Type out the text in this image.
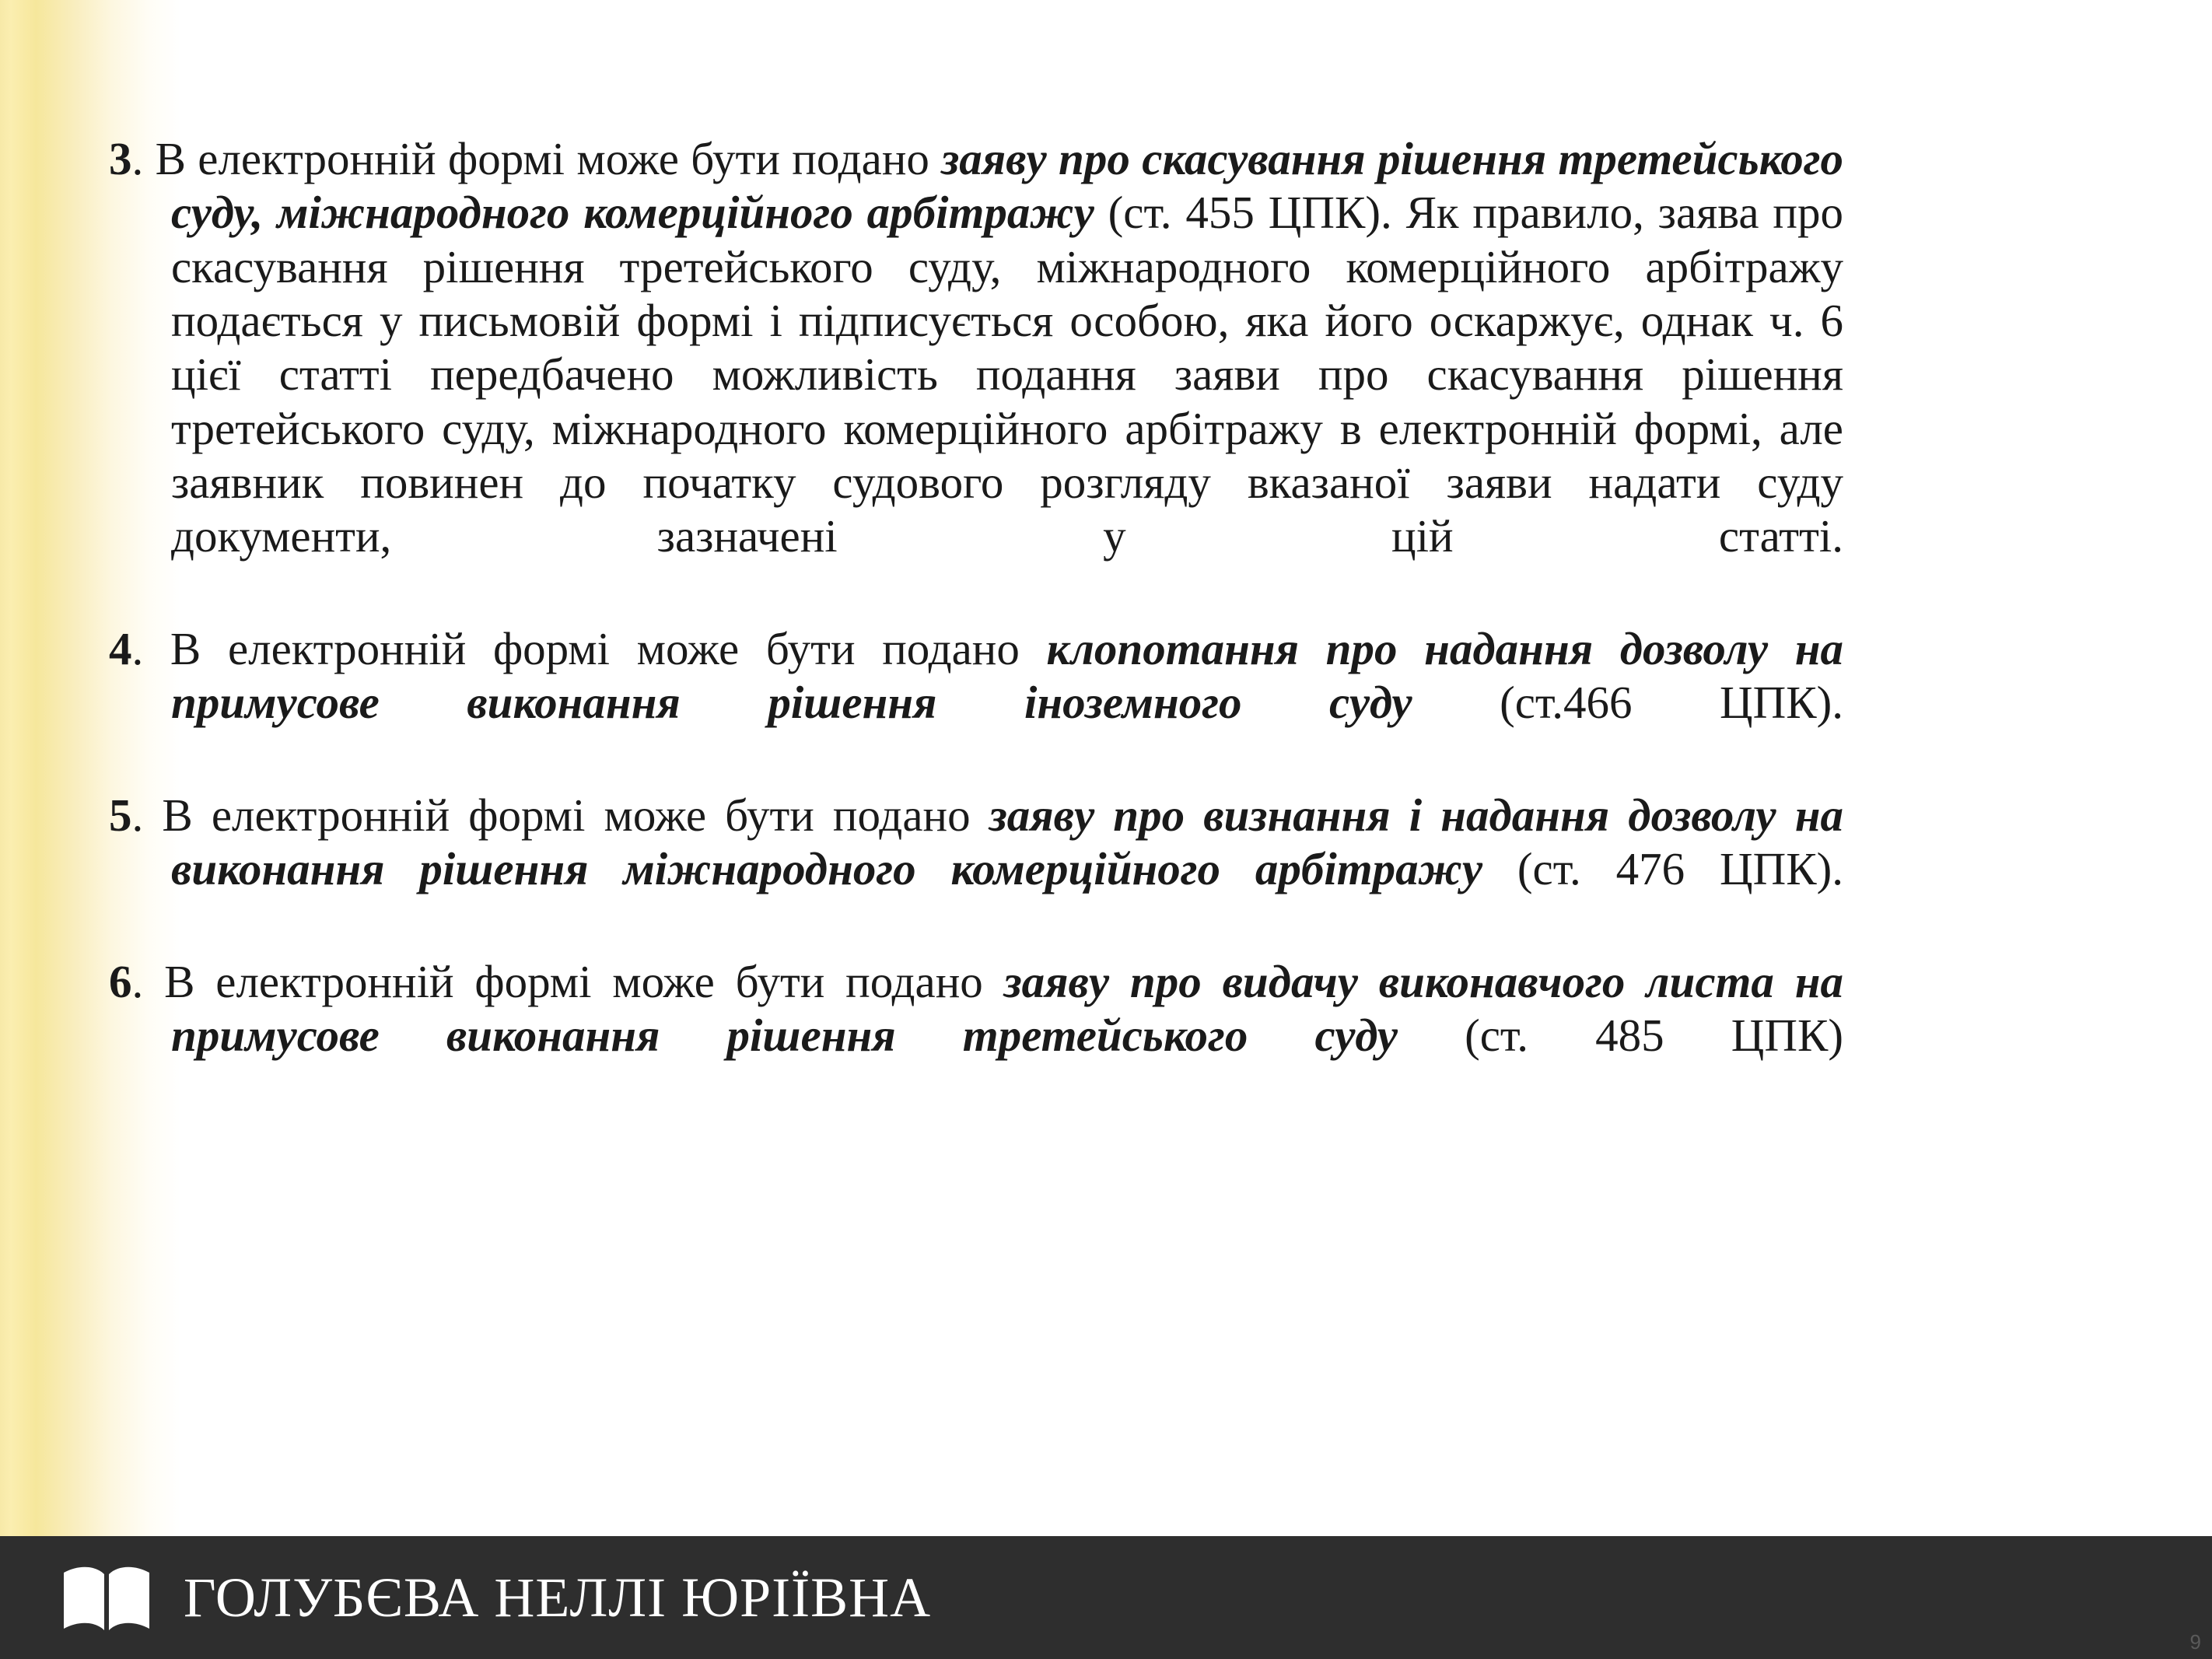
3. В електронній формі може бути подано заяву про скасування рішення третейського суду, міжнародного комерційного арбітражу (ст. 455 ЦПК). Як правило, заява про скасування рішення третейського суду, міжнародного комерційного арбітражу подається у письмовій формі і підписується особою, яка його оскаржує, однак ч. 6 цієї статті передбачено можливість подання заяви про скасування рішення третейського суду, міжнародного комерційного арбітражу в електронній формі, але заявник повинен до початку судового розгляду вказаної заяви надати суду документи, зазначені у цій статті.

4. В електронній формі може бути подано клопотання про надання дозволу на примусове виконання рішення іноземного суду (ст.466 ЦПК).

5. В електронній формі може бути подано заяву про визнання і надання дозволу на виконання рішення міжнародного комерційного арбітражу (ст. 476 ЦПК).

6. В електронній формі може бути подано заяву про видачу виконавчого листа на примусове виконання рішення третейського суду (ст. 485 ЦПК)

ГОЛУБЄВА НЕЛЛІ ЮРІЇВНА
9
